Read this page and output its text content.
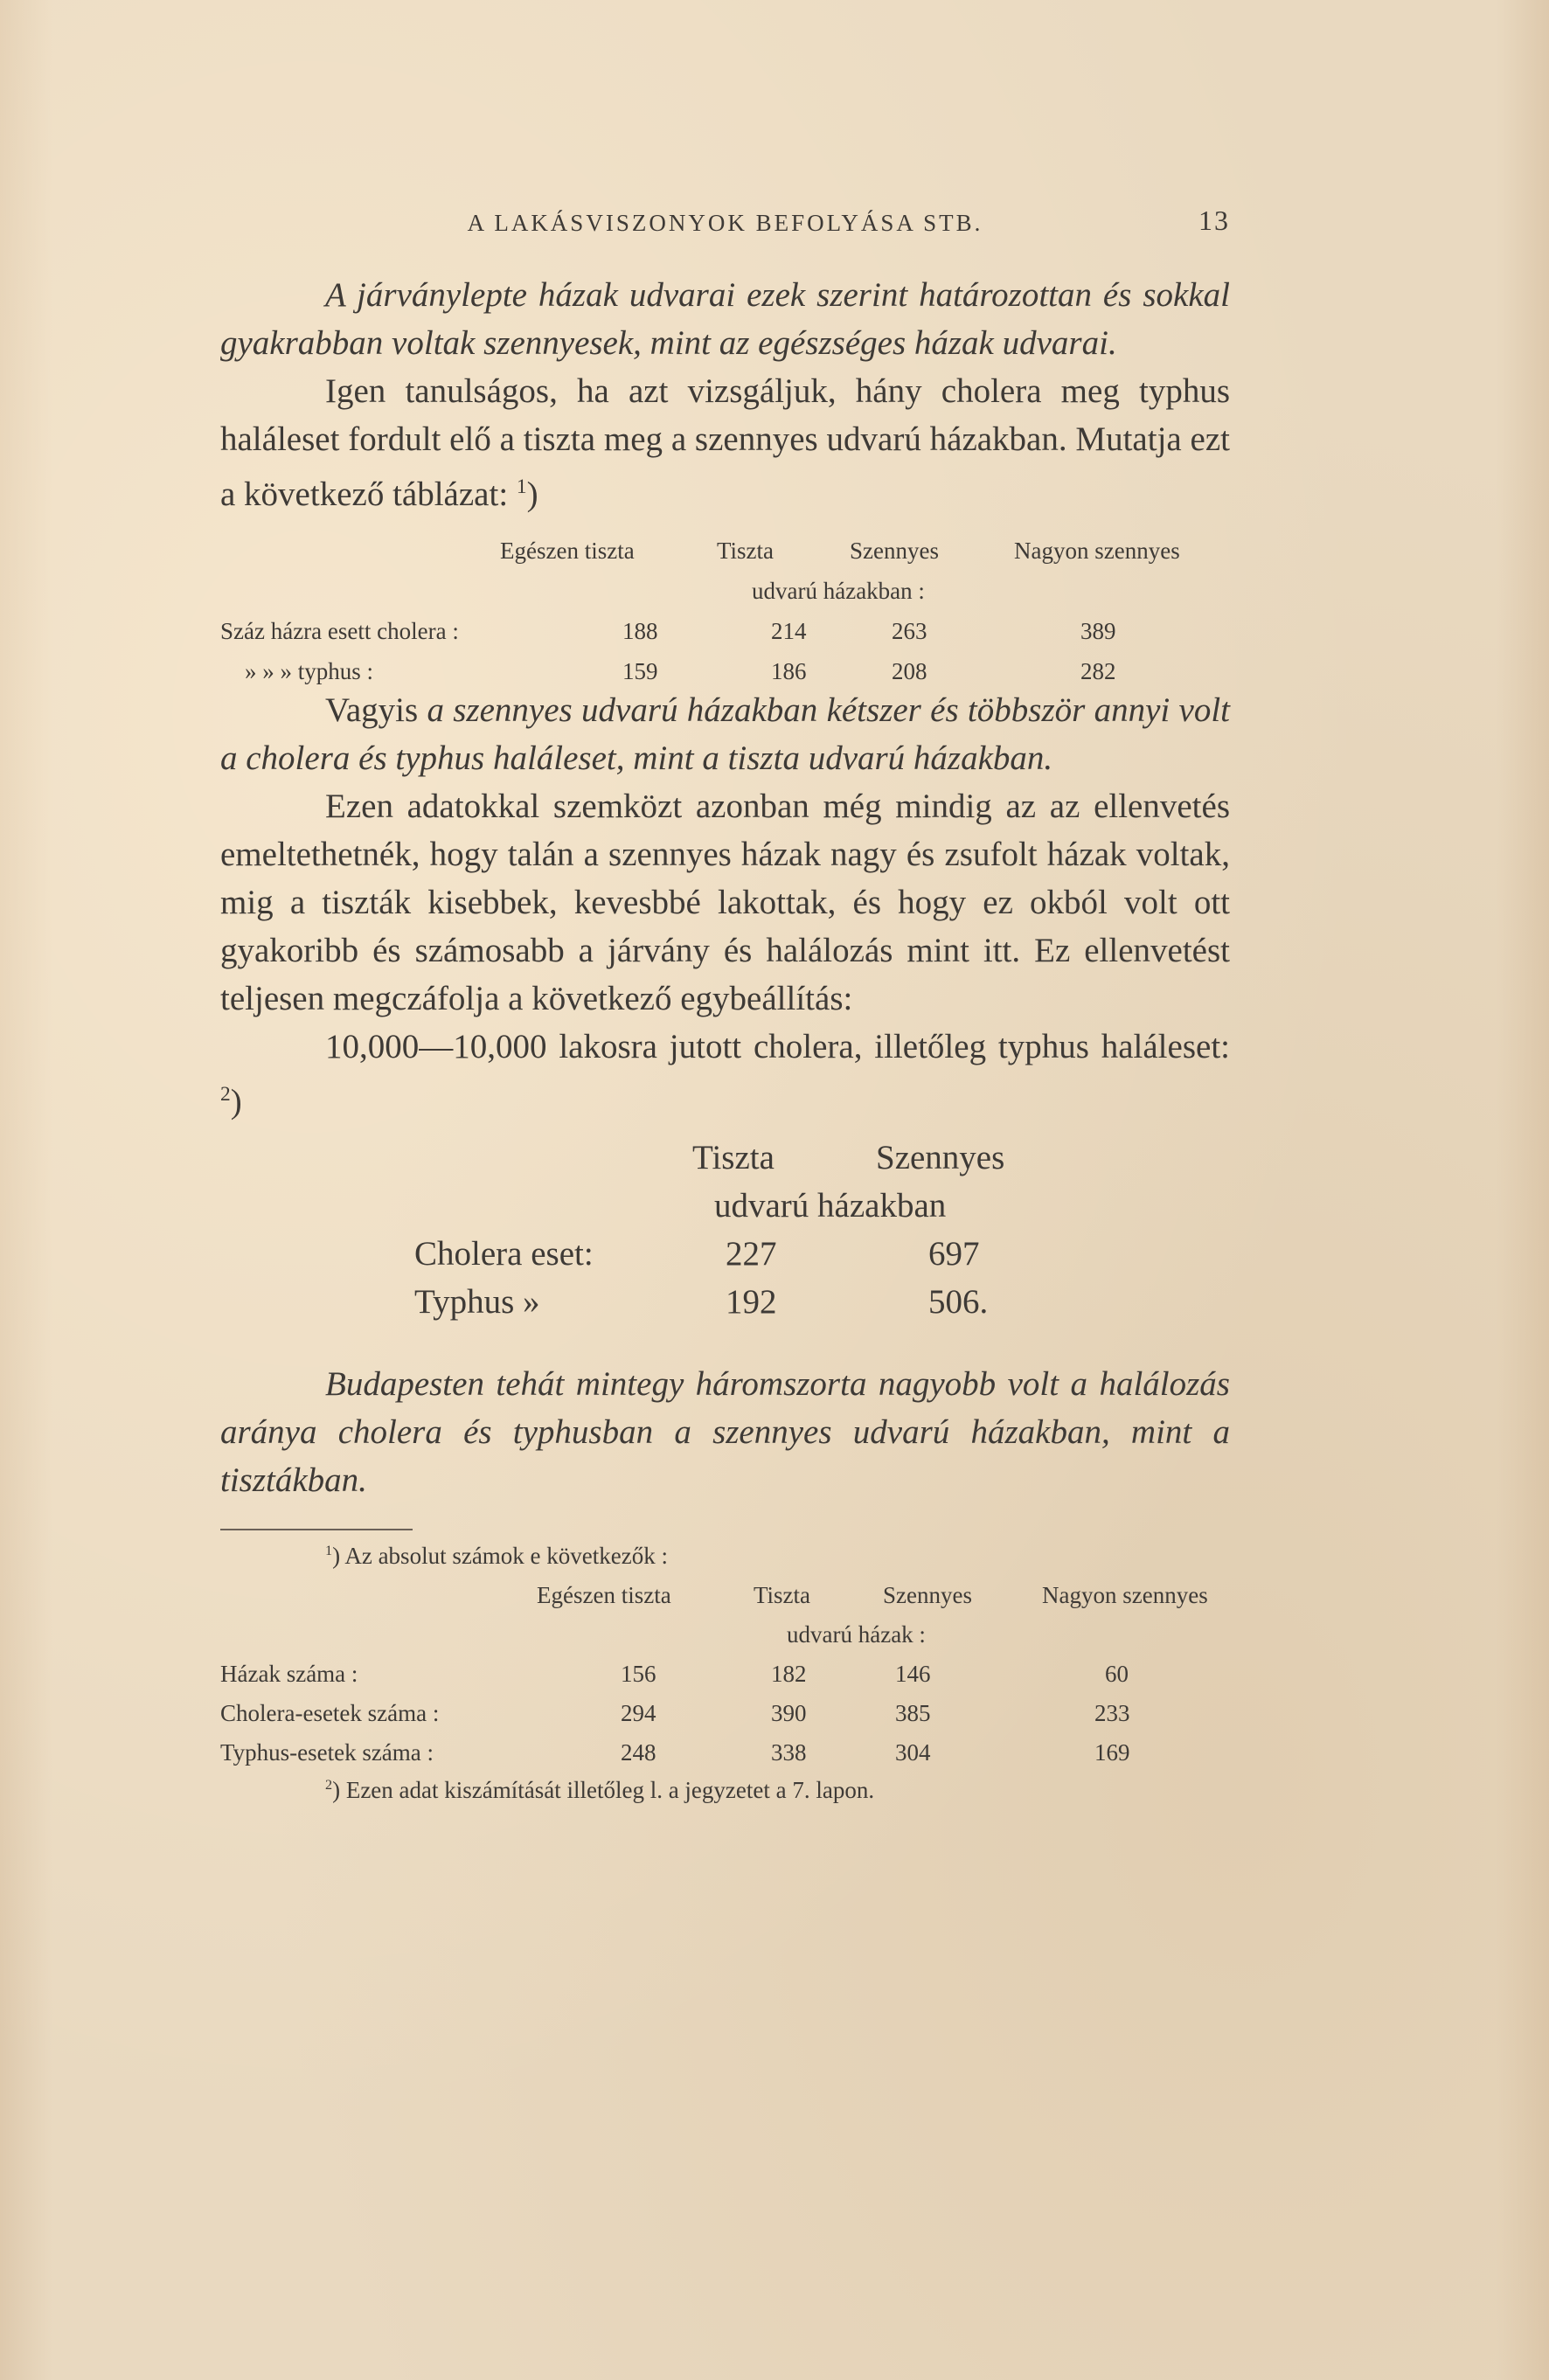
A LAKÁSVISZONYOK BEFOLYÁSA STB.	13

A járványlepte házak udvarai ezek szerint határozottan és sokkal gyakrabban voltak szennyesek, mint az egészséges házak udvarai.

Igen tanulságos, ha azt vizsgáljuk, hány cholera meg typhus haláleset fordult elő a tiszta meg a szennyes udvarú házakban. Mutatja ezt a következő táblázat: $^1$)

Egészen tiszta	Tiszta	Szennyes	Nagyon szennyes
udvarú házakban :
Száz házra esett cholera :	188	214	263	389
» » » typhus :	159	186	208	282

Vagyis a szennyes udvarú házakban kétszer és többször annyi volt a cholera és typhus haláleset, mint a tiszta udvarú házakban.

Ezen adatokkal szemközt azonban még mindig az az ellenvetés emeltethetnék, hogy talán a szennyes házak nagy és zsufolt házak voltak, mig a tiszták kisebbek, kevesbbé lakottak, és hogy ez okból volt ott gyakoribb és számosabb a járvány és halálozás mint itt. Ez ellenvetést teljesen megczáfolja a következő egybeállítás:

10,000—10,000 lakosra jutott cholera, illetőleg typhus haláleset: $^2$)

Tiszta	Szennyes
udvarú házakban
Cholera eset:	227	697
Typhus »	192	506.

Budapesten tehát mintegy háromszorta nagyobb volt a halálozás aránya cholera és typhusban a szennyes udvarú házakban, mint a tisztákban.

$^1$) Az absolut számok e következők :
Egészen tiszta	Tiszta	Szennyes	Nagyon szennyes
udvarú házak :
Házak száma :	156	182	146	60
Cholera-esetek száma :	294	390	385	233
Typhus-esetek száma :	248	338	304	169
$^2$) Ezen adat kiszámítását illetőleg l. a jegyzetet a 7. lapon.
